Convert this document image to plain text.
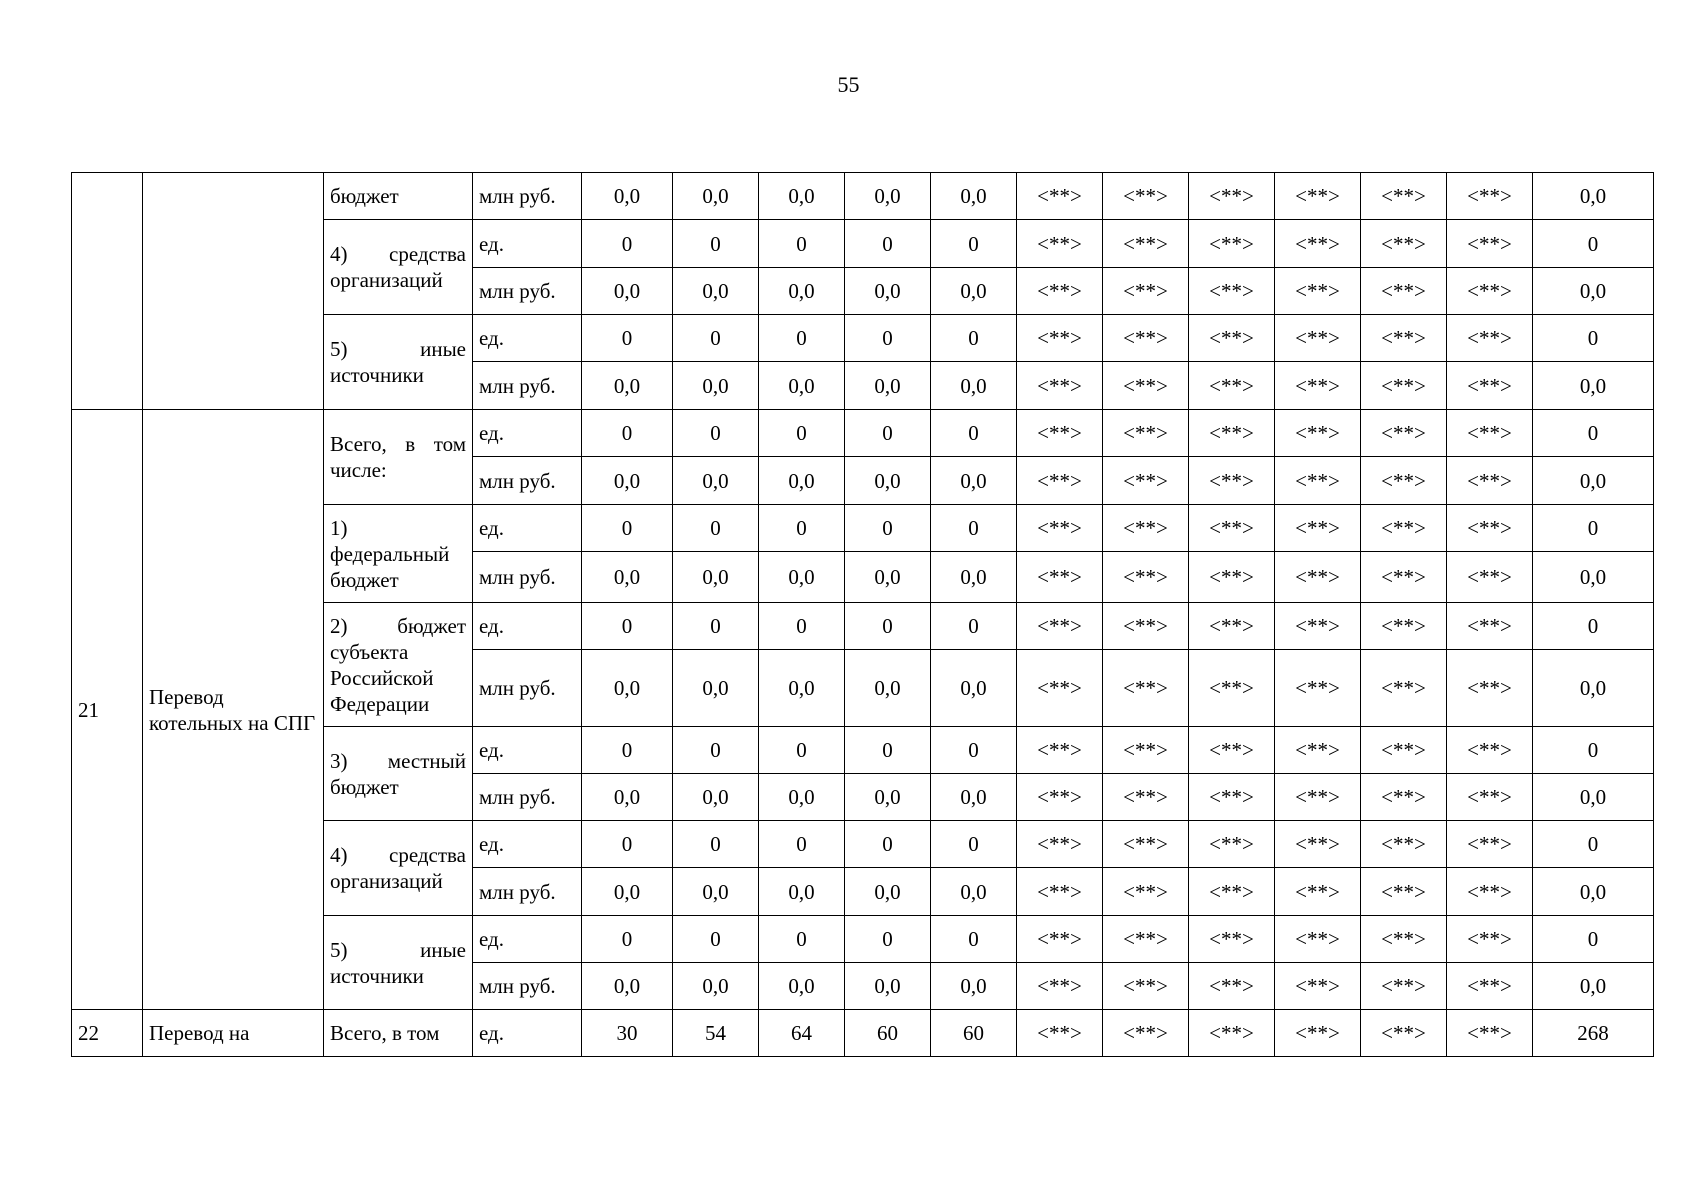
55
		бюджет	млн руб.	0,0	0,0	0,0	0,0	0,0	<**>	<**>	<**>	<**>	<**>	<**>	0,0
		4) средства организаций	ед.	0	0	0	0	0	<**>	<**>	<**>	<**>	<**>	<**>	0
			млн руб.	0,0	0,0	0,0	0,0	0,0	<**>	<**>	<**>	<**>	<**>	<**>	0,0
		5) иные источники	ед.	0	0	0	0	0	<**>	<**>	<**>	<**>	<**>	<**>	0
			млн руб.	0,0	0,0	0,0	0,0	0,0	<**>	<**>	<**>	<**>	<**>	<**>	0,0
21	Перевод котельных на СПГ	Всего, в том числе:	ед.	0	0	0	0	0	<**>	<**>	<**>	<**>	<**>	<**>	0
			млн руб.	0,0	0,0	0,0	0,0	0,0	<**>	<**>	<**>	<**>	<**>	<**>	0,0
		1) федеральный бюджет	ед.	0	0	0	0	0	<**>	<**>	<**>	<**>	<**>	<**>	0
			млн руб.	0,0	0,0	0,0	0,0	0,0	<**>	<**>	<**>	<**>	<**>	<**>	0,0
		2) бюджет субъекта Российской Федерации	ед.	0	0	0	0	0	<**>	<**>	<**>	<**>	<**>	<**>	0
			млн руб.	0,0	0,0	0,0	0,0	0,0	<**>	<**>	<**>	<**>	<**>	<**>	0,0
		3) местный бюджет	ед.	0	0	0	0	0	<**>	<**>	<**>	<**>	<**>	<**>	0
			млн руб.	0,0	0,0	0,0	0,0	0,0	<**>	<**>	<**>	<**>	<**>	<**>	0,0
		4) средства организаций	ед.	0	0	0	0	0	<**>	<**>	<**>	<**>	<**>	<**>	0
			млн руб.	0,0	0,0	0,0	0,0	0,0	<**>	<**>	<**>	<**>	<**>	<**>	0,0
		5) иные источники	ед.	0	0	0	0	0	<**>	<**>	<**>	<**>	<**>	<**>	0
			млн руб.	0,0	0,0	0,0	0,0	0,0	<**>	<**>	<**>	<**>	<**>	<**>	0,0
22	Перевод на	Всего, в том	ед.	30	54	64	60	60	<**>	<**>	<**>	<**>	<**>	<**>	268
